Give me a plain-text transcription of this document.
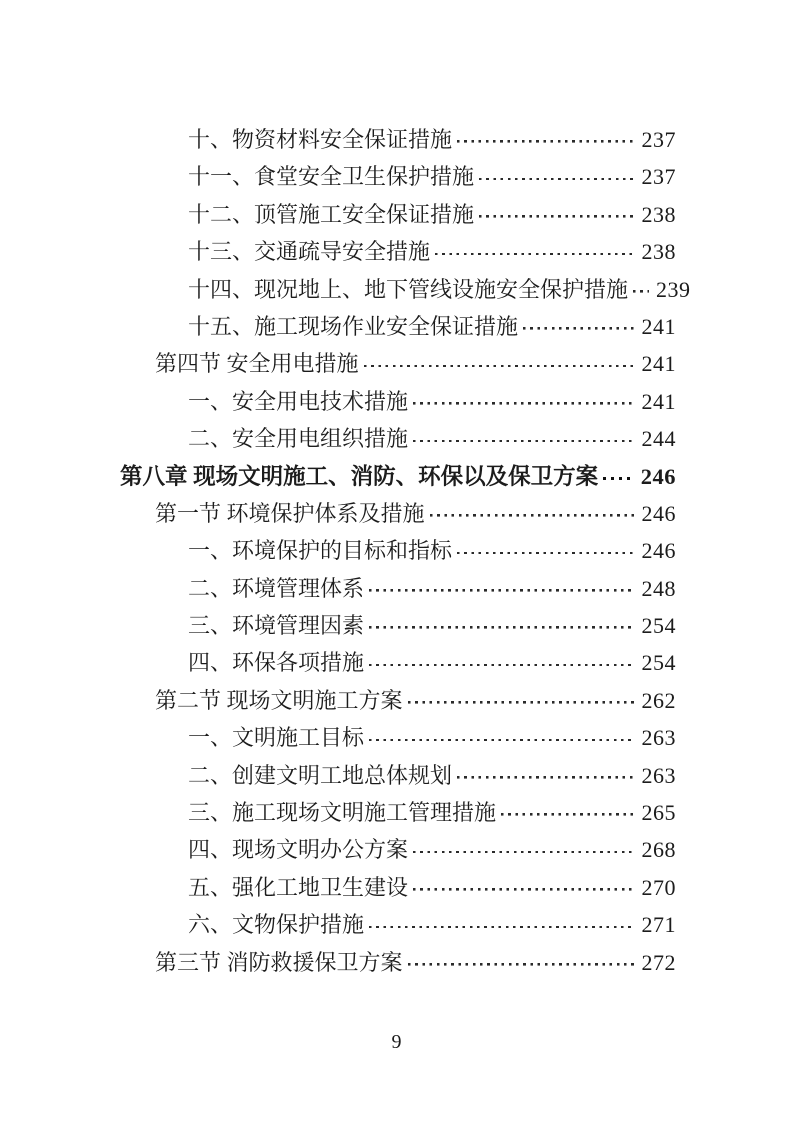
十、物资材料安全保证措施	237
十一、食堂安全卫生保护措施	237
十二、顶管施工安全保证措施	238
十三、交通疏导安全措施	238
十四、现况地上、地下管线设施安全保护措施 239
十五、施工现场作业安全保证措施	241
第四节 安全用电措施	241
一、安全用电技术措施	241
二、安全用电组织措施	244
第八章 现场文明施工、消防、环保以及保卫方案 246
第一节 环境保护体系及措施	246
一、环境保护的目标和指标	246
二、环境管理体系	248
三、环境管理因素	254
四、环保各项措施	254
第二节 现场文明施工方案	262
一、文明施工目标	263
二、创建文明工地总体规划	263
三、施工现场文明施工管理措施	265
四、现场文明办公方案	268
五、强化工地卫生建设	270
六、文物保护措施	271
第三节 消防救援保卫方案	272
9
